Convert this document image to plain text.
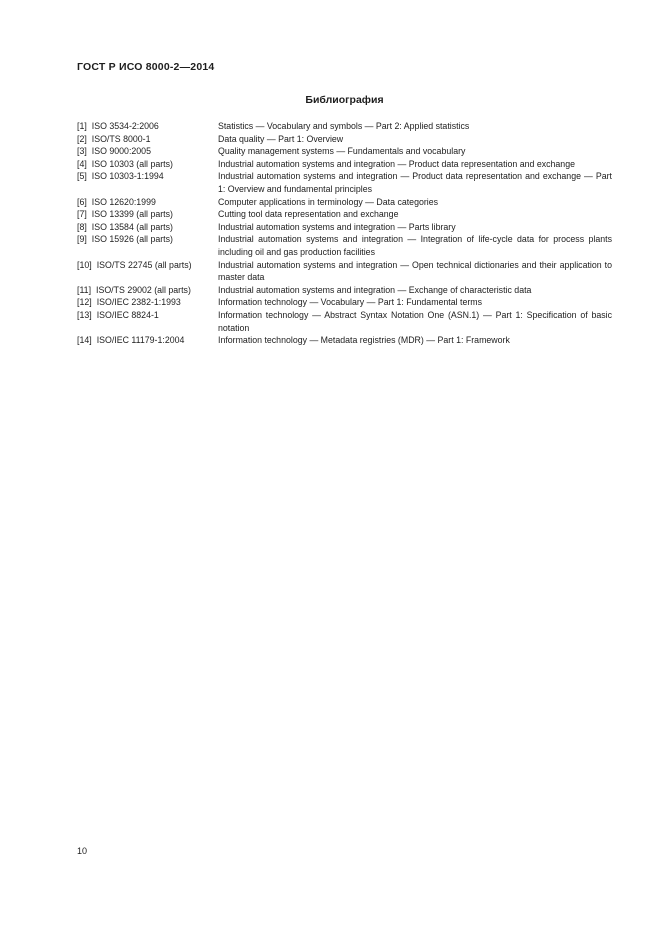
ГОСТ Р ИСО 8000-2—2014
Библиография
[1] ISO 3534-2:2006	Statistics — Vocabulary and symbols — Part 2: Applied statistics
[2] ISO/TS 8000-1	Data quality — Part 1: Overview
[3] ISO 9000:2005	Quality management systems — Fundamentals and vocabulary
[4] ISO 10303 (all parts)	Industrial automation systems and integration — Product data representation and exchange
[5] ISO 10303-1:1994	Industrial automation systems and integration — Product data representation and exchange — Part 1: Overview and fundamental principles
[6] ISO 12620:1999	Computer applications in terminology — Data categories
[7] ISO 13399 (all parts)	Cutting tool data representation and exchange
[8] ISO 13584 (all parts)	Industrial automation systems and integration — Parts library
[9] ISO 15926 (all parts)	Industrial automation systems and integration — Integration of life-cycle data for process plants including oil and gas production facilities
[10] ISO/TS 22745 (all parts)	Industrial automation systems and integration — Open technical dictionaries and their application to master data
[11] ISO/TS 29002 (all parts)	Industrial automation systems and integration — Exchange of characteristic data
[12] ISO/IEC 2382-1:1993	Information technology — Vocabulary — Part 1: Fundamental terms
[13] ISO/IEC 8824-1	Information technology — Abstract Syntax Notation One (ASN.1) — Part 1: Specification of basic notation
[14] ISO/IEC 11179-1:2004	Information technology — Metadata registries (MDR) — Part 1: Framework
10
